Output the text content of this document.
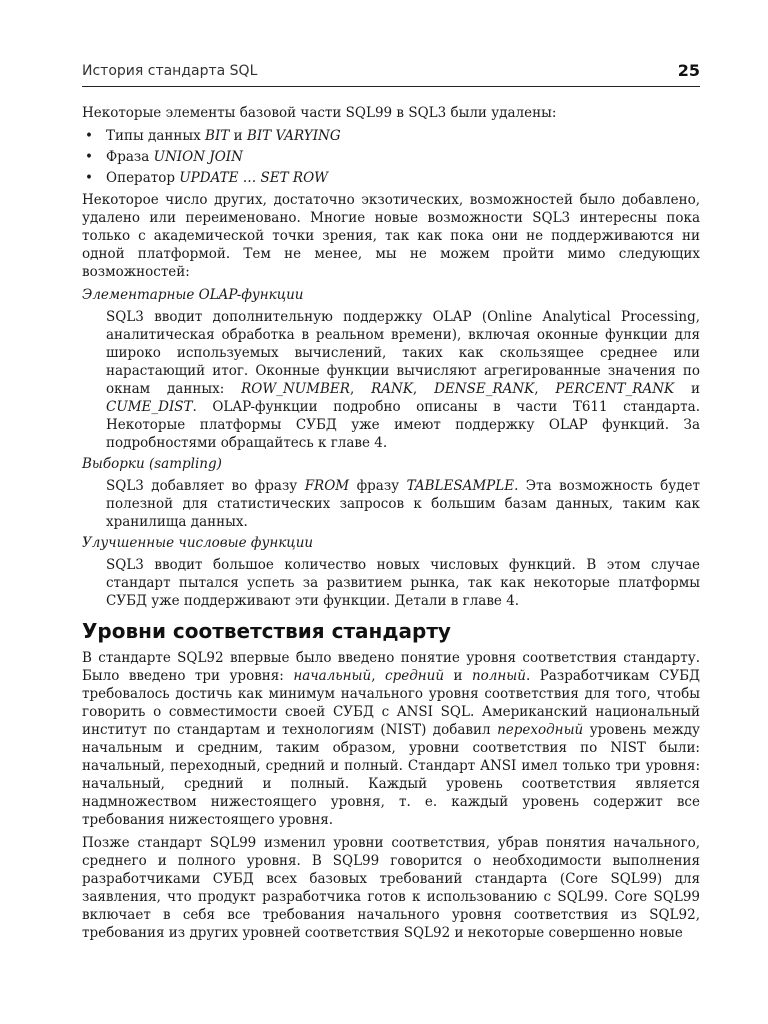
История стандарта SQL	25

Некоторые элементы базовой части SQL99 в SQL3 были удалены:

• Типы данных BIT и BIT VARYING
• Фраза UNION JOIN
• Оператор UPDATE … SET ROW

Некоторое число других, достаточно экзотических, возможностей было добавлено, удалено или переименовано. Многие новые возможности SQL3 интересны пока только с академической точки зрения, так как пока они не поддерживаются ни одной платформой. Тем не менее, мы не можем пройти мимо следующих возможностей:

Элементарные OLAP-функции

SQL3 вводит дополнительную поддержку OLAP (Online Analytical Processing, аналитическая обработка в реальном времени), включая оконные функции для широко используемых вычислений, таких как скользящее среднее или нарастающий итог. Оконные функции вычисляют агрегированные значения по окнам данных: ROW_NUMBER, RANK, DENSE_RANK, PERCENT_RANK и CUME_DIST. OLAP-функции подробно описаны в части T611 стандарта. Некоторые платформы СУБД уже имеют поддержку OLAP функций. За подробностями обращайтесь к главе 4.

Выборки (sampling)

SQL3 добавляет во фразу FROM фразу TABLESAMPLE. Эта возможность будет полезной для статистических запросов к большим базам данных, таким как хранилища данных.

Улучшенные числовые функции

SQL3 вводит большое количество новых числовых функций. В этом случае стандарт пытался успеть за развитием рынка, так как некоторые платформы СУБД уже поддерживают эти функции. Детали в главе 4.

Уровни соответствия стандарту

В стандарте SQL92 впервые было введено понятие уровня соответствия стандарту. Было введено три уровня: начальный, средний и полный. Разработчикам СУБД требовалось достичь как минимум начального уровня соответствия для того, чтобы говорить о совместимости своей СУБД с ANSI SQL. Американский национальный институт по стандартам и технологиям (NIST) добавил переходный уровень между начальным и средним, таким образом, уровни соответствия по NIST были: начальный, переходный, средний и полный. Стандарт ANSI имел только три уровня: начальный, средний и полный. Каждый уровень соответствия является надмножеством нижестоящего уровня, т. е. каждый уровень содержит все требования нижестоящего уровня.

Позже стандарт SQL99 изменил уровни соответствия, убрав понятия начального, среднего и полного уровня. В SQL99 говорится о необходимости выполнения разработчиками СУБД всех базовых требований стандарта (Core SQL99) для заявления, что продукт разработчика готов к использованию с SQL99. Core SQL99 включает в себя все требования начального уровня соответствия из SQL92, требования из других уровней соответствия SQL92 и некоторые совершенно новые
